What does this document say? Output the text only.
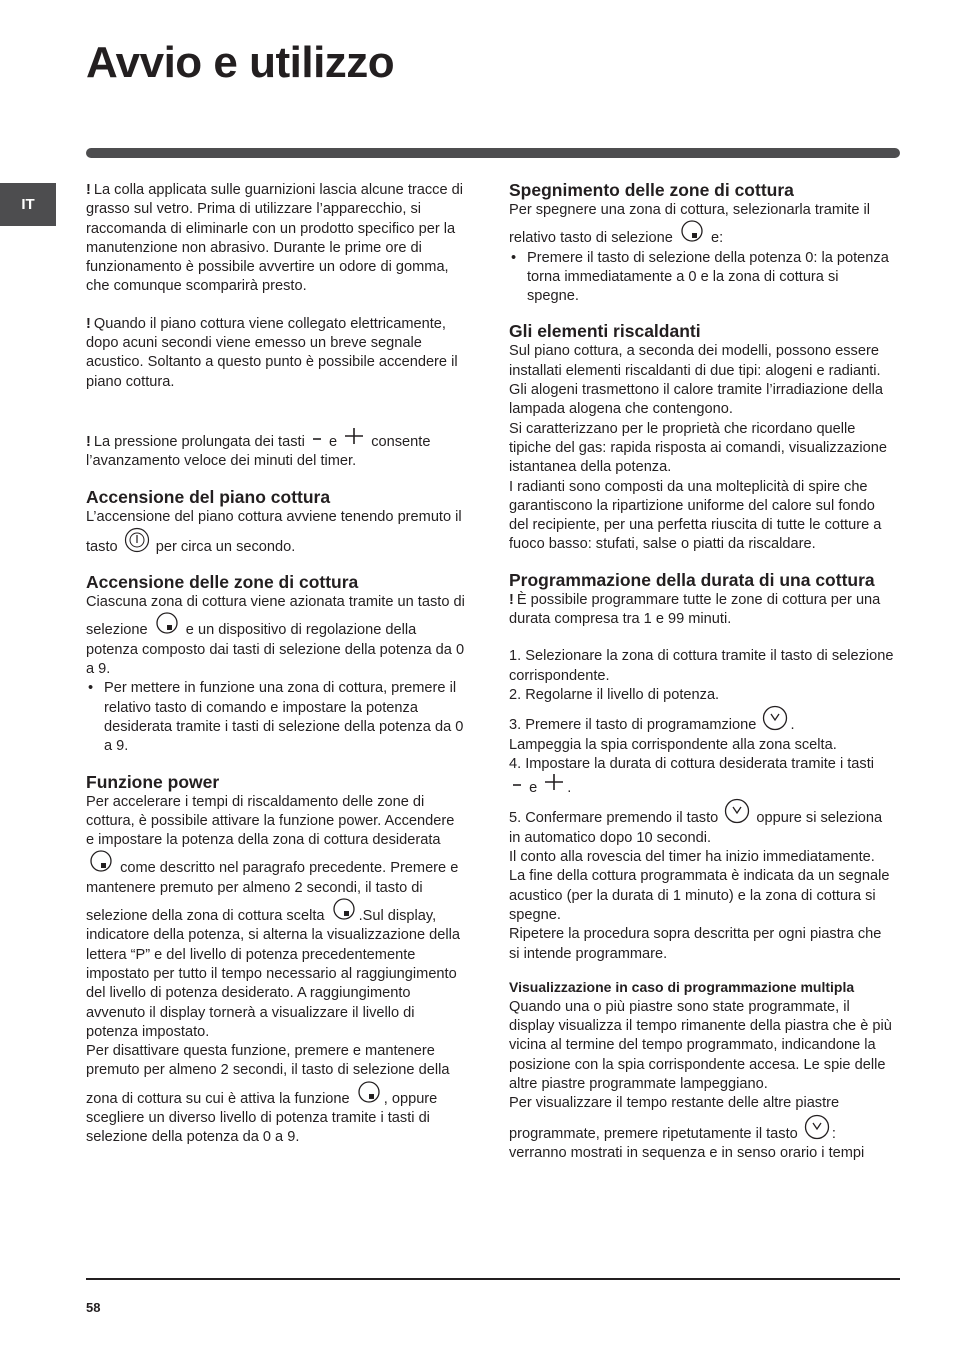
Avvio e utilizzo
IT

! La colla applicata sulle guarnizioni lascia alcune tracce di grasso sul vetro. Prima di utilizzare l’apparecchio, si raccomanda di eliminarle con un prodotto specifico per la manutenzione non abrasivo. Durante le prime ore di funzionamento è possibile avvertire un odore di gomma, che comunque scomparirà presto.

! Quando il piano cottura viene collegato elettricamente, dopo acuni secondi viene emesso un breve segnale acustico. Soltanto a questo punto è possibile accendere il piano cottura.

! La pressione prolungata dei tasti e consente l’avanzamento veloce dei minuti del timer.

Accensione del piano cottura

L’accensione del piano cottura avviene tenendo premuto il tasto	per circa un secondo.

Accensione delle zone di cottura

Ciascuna zona di cottura viene azionata tramite un tasto di selezione	e un dispositivo di regolazione della potenza composto dai tasti di selezione della potenza da 0 a 9.

• Per mettere in funzione una zona di cottura, premere il relativo tasto di comando e impostare la potenza desiderata tramite i tasti di selezione della potenza da 0 a 9.
Funzione power

Per accelerare i tempi di riscaldamento delle zone di cottura, è possibile attivare la funzione power. Accendere e impostare la potenza della zona di cottura desiderata
come descritto nel paragrafo precedente. Premere e mantenere premuto per almeno 2 secondi, il tasto di selezione della zona di cottura scelta .Sul display, indicatore della potenza, si alterna la visualizzazione della lettera “P” e del livello di potenza precedentemente impostato per tutto il tempo necessario al raggiungimento del livello di potenza desiderato. A raggiungimento avvenuto il display tornerà a visualizzare il livello di potenza impostato.

Per disattivare questa funzione, premere e mantenere premuto per almeno 2 secondi, il tasto di selezione della zona di cottura su cui è attiva la funzione , oppure scegliere un diverso livello di potenza tramite i tasti di selezione della potenza da 0 a 9.

Spegnimento delle zone di cottura

Per spegnere una zona di cottura, selezionarla tramite il relativo tasto di selezione	e:

• Premere il tasto di selezione della potenza 0: la potenza torna immediatamente a 0 e la zona di cottura si spegne.
Gli elementi riscaldanti

Sul piano cottura, a seconda dei modelli, possono essere installati elementi riscaldanti di due tipi: alogeni e radianti.

Gli alogeni trasmettono il calore tramite l’irradiazione della lampada alogena che contengono.

Si caratterizzano per le proprietà che ricordano quelle tipiche del gas: rapida risposta ai comandi, visualizzazione istantanea della potenza.

I radianti sono composti da una molteplicità di spire che garantiscono la ripartizione uniforme del calore sul fondo del recipiente, per una perfetta riuscita di tutte le cotture a fuoco basso: stufati, salse o piatti da riscaldare.

Programmazione della durata di una cottura

! È possibile programmare tutte le zone di cottura per una durata compresa tra 1 e 99 minuti.

1. Selezionare la zona di cottura tramite il tasto di selezione corrispondente.

2. Regolarne il livello di potenza.

3. Premere il tasto di programamzione .

Lampeggia la spia corrispondente alla zona scelta.

4. Impostare la durata di cottura desiderata tramite i tasti
e .

5. Confermare premendo il tasto	oppure si seleziona in automatico dopo 10 secondi.

Il conto alla rovescia del timer ha inizio immediatamente. La fine della cottura programmata è indicata da un segnale acustico (per la durata di 1 minuto) e la zona di cottura si spegne.

Ripetere la procedura sopra descritta per ogni piastra che si intende programmare.

Visualizzazione in caso di programmazione multipla

Quando una o più piastre sono state programmate, il display visualizza il tempo rimanente della piastra che è più vicina al termine del tempo programmato, indicandone la posizione con la spia corrispondente accesa. Le spie delle altre piastre programmate lampeggiano.

Per visualizzare il tempo restante delle altre piastre programmate, premere ripetutamente il tasto : verranno mostrati in sequenza e in senso orario i tempi

58
